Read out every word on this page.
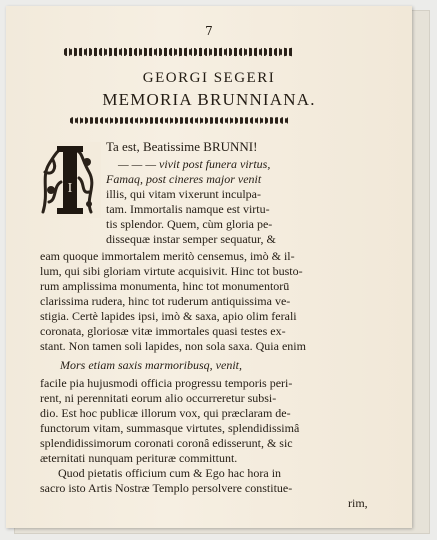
7
GEORGI SEGERI
MEMORIA BRUNNIANA.
I
Ta est, Beatissime BRUNNI!
— — — vivit post funera virtus,
Famaq, post cineres major venit
illis, qui vitam vixerunt inculpa-
tam. Immortalis namque est virtu-
tis splendor. Quem, cùm gloria pe-
dissequæ instar semper sequatur, &
eam quoque immortalem meritò censemus, imò & il-
lum, qui sibi gloriam virtute acquisivit. Hinc tot busto-
rum amplissima monumenta, hinc tot monumentorū
clarissima rudera, hinc tot ruderum antiquissima ve-
stigia. Certè lapides ipsi, imò & saxa, apio olim ferali
coronata, gloriosæ vitæ immortales quasi testes ex-
stant. Non tamen soli lapides, non sola saxa. Quia enim
Mors etiam saxis marmoribusq, venit,
facile pia hujusmodi officia progressu temporis peri-
rent, ni perennitati eorum alio occurreretur subsi-
dio. Est hoc publicæ illorum vox, qui præclaram de-
functorum vitam, summasque virtutes, splendidissimâ
splendidissimorum coronati coronâ edisserunt, & sic
æternitati nunquam perituræ committunt.
Quod pietatis officium cum & Ego hac hora in
sacro isto Artis Nostræ Templo persolvere constitue-
rim,
